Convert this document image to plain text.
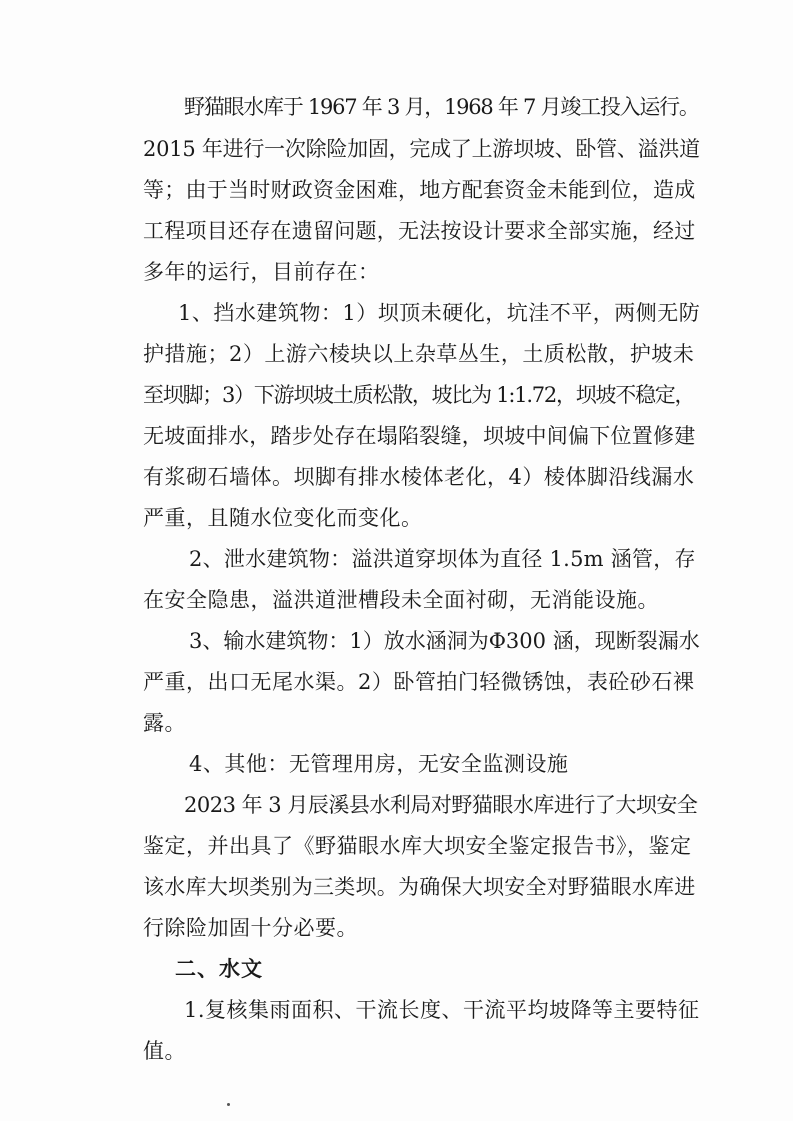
野猫眼水库于 1967 年 3 月，1968 年 7 月竣工投入运行。
2015 年进行一次除险加固，完成了上游坝坡、卧管、溢洪道
等；由于当时财政资金困难，地方配套资金未能到位，造成
工程项目还存在遗留问题，无法按设计要求全部实施，经过
多年的运行，目前存在：
1、挡水建筑物：1）坝顶未硬化，坑洼不平，两侧无防
护措施；2）上游六棱块以上杂草丛生，土质松散，护坡未
至坝脚；3）下游坝坡土质松散，坡比为 1:1.72，坝坡不稳定，
无坡面排水，踏步处存在塌陷裂缝，坝坡中间偏下位置修建
有浆砌石墙体。坝脚有排水棱体老化，4）棱体脚沿线漏水
严重，且随水位变化而变化。
2、泄水建筑物：溢洪道穿坝体为直径 1.5m 涵管，存
在安全隐患，溢洪道泄槽段未全面衬砌，无消能设施。
3、输水建筑物：1）放水涵洞为Φ300 涵，现断裂漏水
严重，出口无尾水渠。2）卧管拍门轻微锈蚀，表砼砂石裸
露。
4、其他：无管理用房，无安全监测设施
2023 年 3 月辰溪县水利局对野猫眼水库进行了大坝安全
鉴定，并出具了《野猫眼水库大坝安全鉴定报告书》，鉴定
该水库大坝类别为三类坝。为确保大坝安全对野猫眼水库进
行除险加固十分必要。
二、水文
1.复核集雨面积、干流长度、干流平均坡降等主要特征
值。
